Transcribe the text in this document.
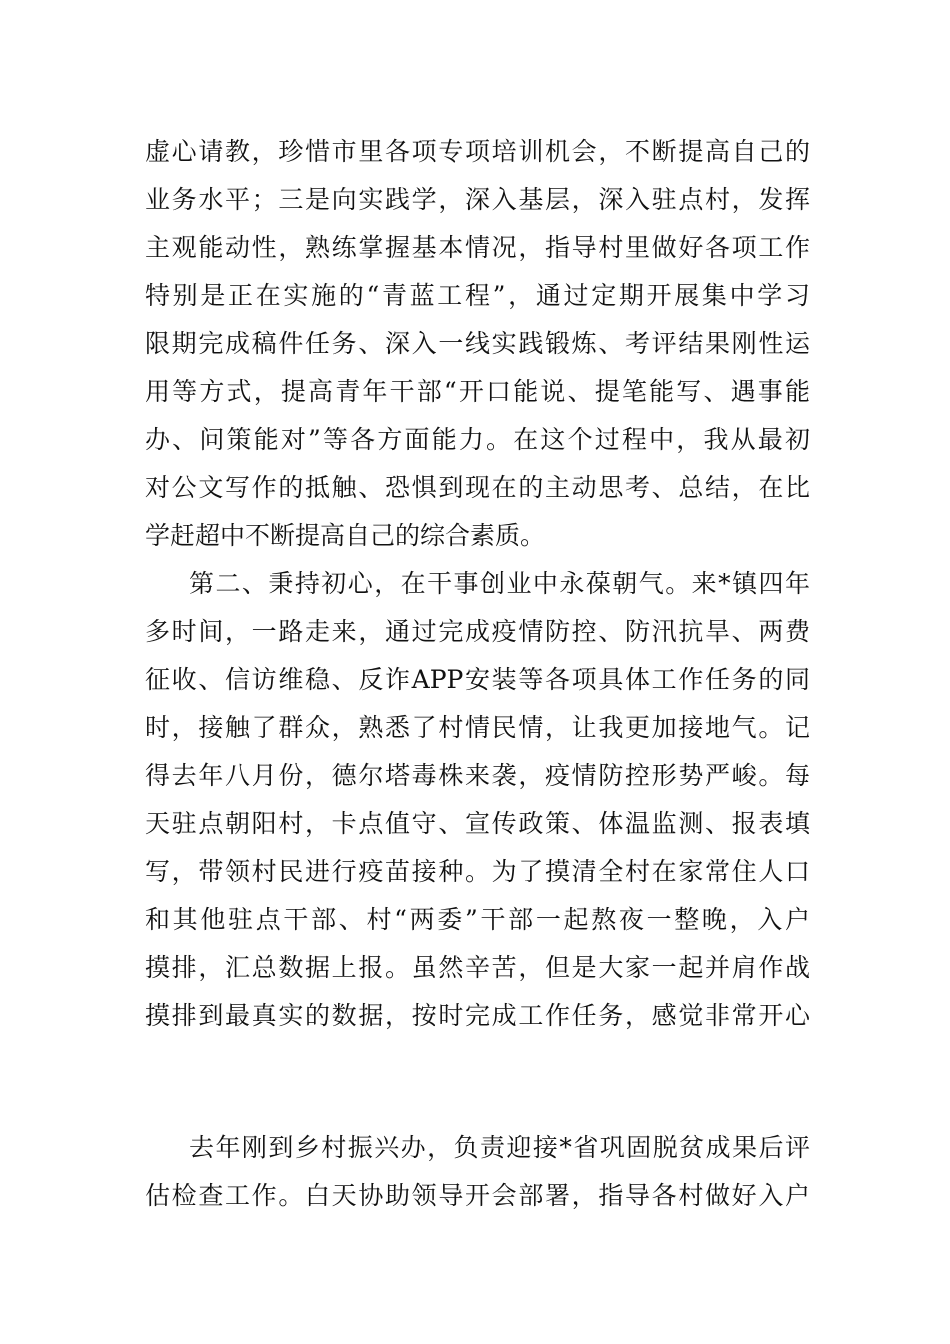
虚心请教，珍惜市里各项专项培训机会，不断提高自己的
业务水平；三是向实践学，深入基层，深入驻点村，发挥
主观能动性，熟练掌握基本情况，指导村里做好各项工作
特别是正在实施的“青蓝工程”，通过定期开展集中学习
限期完成稿件任务、深入一线实践锻炼、考评结果刚性运
用等方式，提高青年干部“开口能说、提笔能写、遇事能
办、问策能对”等各方面能力。在这个过程中，我从最初
对公文写作的抵触、恐惧到现在的主动思考、总结，在比
学赶超中不断提高自己的综合素质。
第二、秉持初心，在干事创业中永葆朝气。来*镇四年
多时间，一路走来，通过完成疫情防控、防汛抗旱、两费
征收、信访维稳、反诈APP安装等各项具体工作任务的同
时，接触了群众，熟悉了村情民情，让我更加接地气。记
得去年八月份，德尔塔毒株来袭，疫情防控形势严峻。每
天驻点朝阳村，卡点值守、宣传政策、体温监测、报表填
写，带领村民进行疫苗接种。为了摸清全村在家常住人口
和其他驻点干部、村“两委”干部一起熬夜一整晚，入户
摸排，汇总数据上报。虽然辛苦，但是大家一起并肩作战
摸排到最真实的数据，按时完成工作任务，感觉非常开心
去年刚到乡村振兴办，负责迎接*省巩固脱贫成果后评
估检查工作。白天协助领导开会部署，指导各村做好入户
